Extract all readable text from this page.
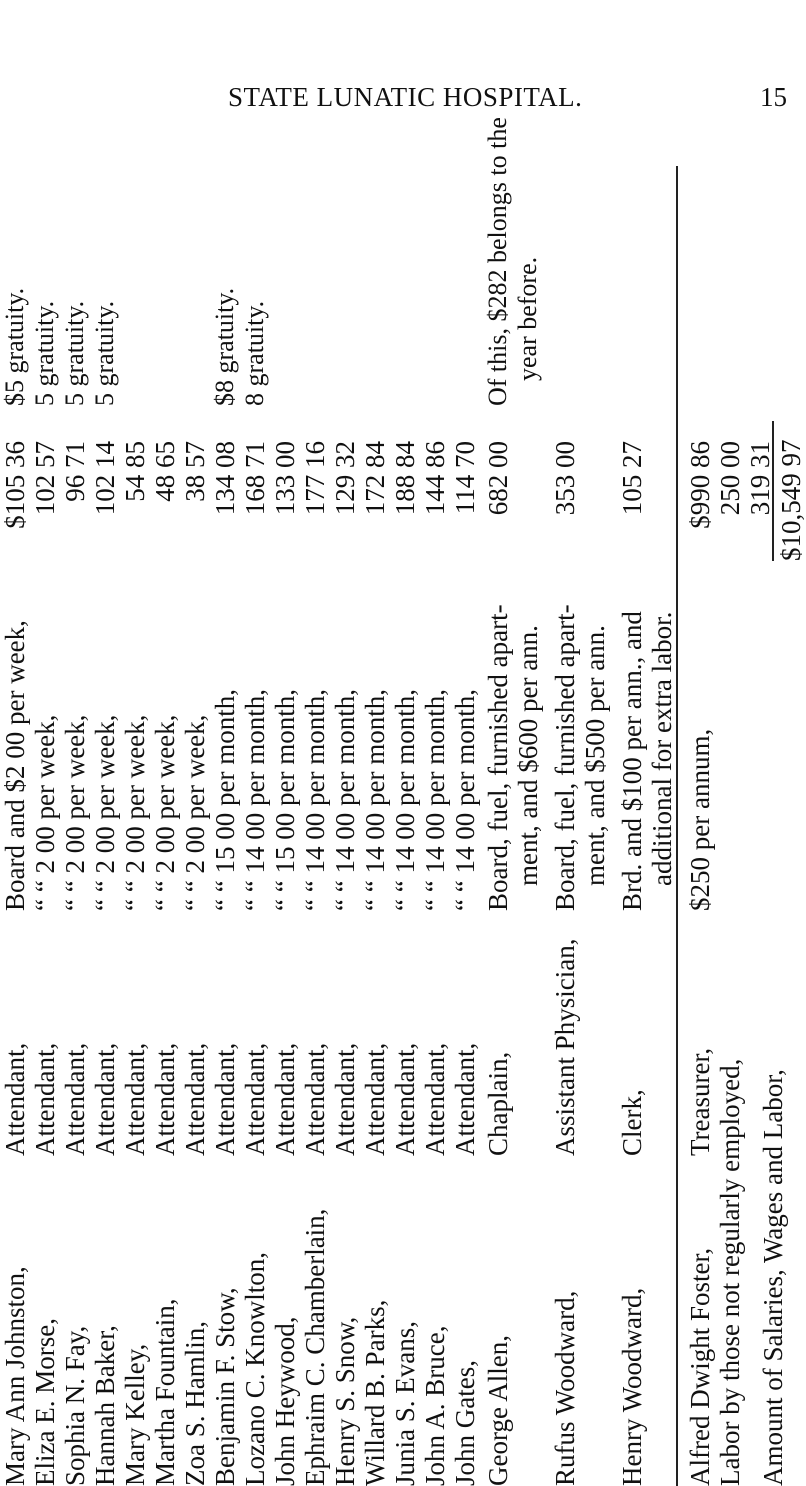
STATE LUNATIC HOSPITAL.	15
Mary Ann Johnston,
Attendant,
Board and $2 00 per week,
$105 36
$5 gratuity.
Eliza E. Morse,
Attendant,
“ “ 2 00 per week,
102 57
5 gratuity.
Sophia N. Fay,
Attendant,
“ “ 2 00 per week,
96 71
5 gratuity.
Hannah Baker,
Attendant,
“ “ 2 00 per week,
102 14
5 gratuity.
Mary Kelley,
Attendant,
“ “ 2 00 per week,
54 85
Martha Fountain,
Attendant,
“ “ 2 00 per week,
48 65
Zoa S. Hamlin,
Attendant,
“ “ 2 00 per week,
38 57
Benjamin F. Stow,
Attendant,
“ “ 15 00 per month,
134 08
$8 gratuity.
Lozano C. Knowlton,
Attendant,
“ “ 14 00 per month,
168 71
8 gratuity.
John Heywood,
Attendant,
“ “ 15 00 per month,
133 00
Ephraim C. Chamberlain,
Attendant,
“ “ 14 00 per month,
177 16
Henry S. Snow,
Attendant,
“ “ 14 00 per month,
129 32
Willard B. Parks,
Attendant,
“ “ 14 00 per month,
172 84
Junia S. Evans,
Attendant,
“ “ 14 00 per month,
188 84
John A. Bruce,
Attendant,
“ “ 14 00 per month,
144 86
John Gates,
Attendant,
“ “ 14 00 per month,
114 70
George Allen,
Chaplain,
Board, fuel, furnished apart-
682 00
Of this, $282 belongs to the
ment, and $600 per ann.
year before.
Rufus Woodward,
Assistant Physician,
Board, fuel, furnished apart-
353 00
ment, and $500 per ann.
Henry Woodward,
Clerk,
Brd. and $100 per ann., and
105 27
additional for extra labor.
Alfred Dwight Foster,
Treasurer,
$250 per annum,
$990 86
Labor by those not regularly employed,
250 00 319 31
Amount of Salaries, Wages and Labor,
$10,549 97
